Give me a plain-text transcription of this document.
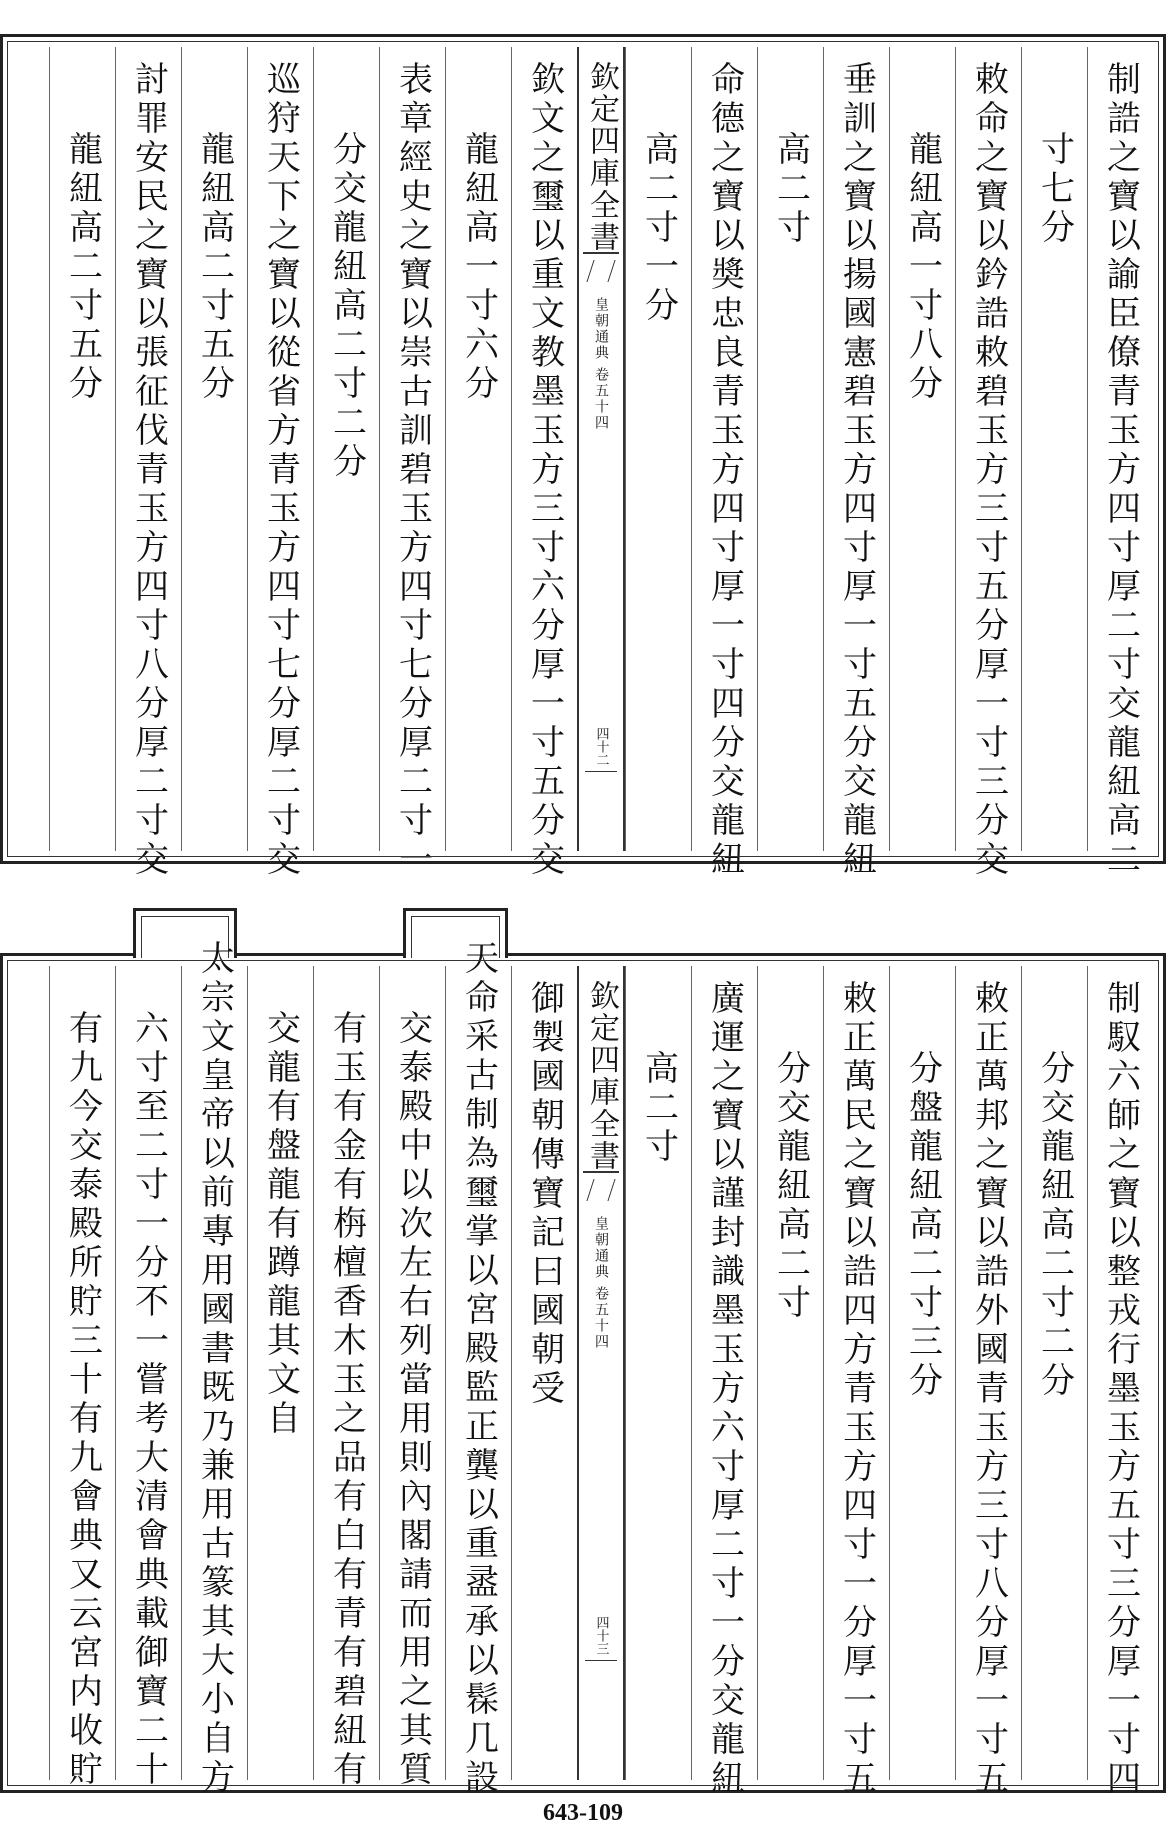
制誥之寶以諭臣僚青玉方四寸厚二寸交龍紐高二
寸七分
敕命之寶以鈐誥敕碧玉方三寸五分厚一寸三分交
龍紐高一寸八分
垂訓之寶以揚國憲碧玉方四寸厚一寸五分交龍紐
高二寸
命德之寶以奬忠良青玉方四寸厚一寸四分交龍紐
高二寸一分
欽定四庫全書
皇朝通典
卷五十四
四十二
欽文之璽以重文教墨玉方三寸六分厚一寸五分交
龍紐高一寸六分
表章經史之寶以崇古訓碧玉方四寸七分厚二寸一
分交龍紐高二寸二分
巡狩天下之寶以從省方青玉方四寸七分厚二寸交
龍紐高二寸五分
討罪安民之寶以張征伐青玉方四寸八分厚二寸交
龍紐高二寸五分
制馭六師之寶以整戎行墨玉方五寸三分厚一寸四
分交龍紐高二寸二分
敕正萬邦之寶以誥外國青玉方三寸八分厚一寸五
分盤龍紐高二寸三分
敕正萬民之寶以誥四方青玉方四寸一分厚一寸五
分交龍紐高二寸
廣運之寶以謹封識墨玉方六寸厚二寸一分交龍紐
高二寸
欽定四庫全書
皇朝通典
卷五十四
四十三
御製國朝傳寶記曰國朝受
天命采古制為璽掌以宮殿監正龔以重盝承以髹几設
交泰殿中以次左右列當用則內閣請而用之其質
有玉有金有栴檀香木玉之品有白有青有碧紐有
交龍有盤龍有蹲龍其文自
太宗文皇帝以前專用國書既乃兼用古篆其大小自方
六寸至二寸一分不一嘗考大清會典載御寶二十
有九今交泰殿所貯三十有九會典又云宮内收貯
643-109
